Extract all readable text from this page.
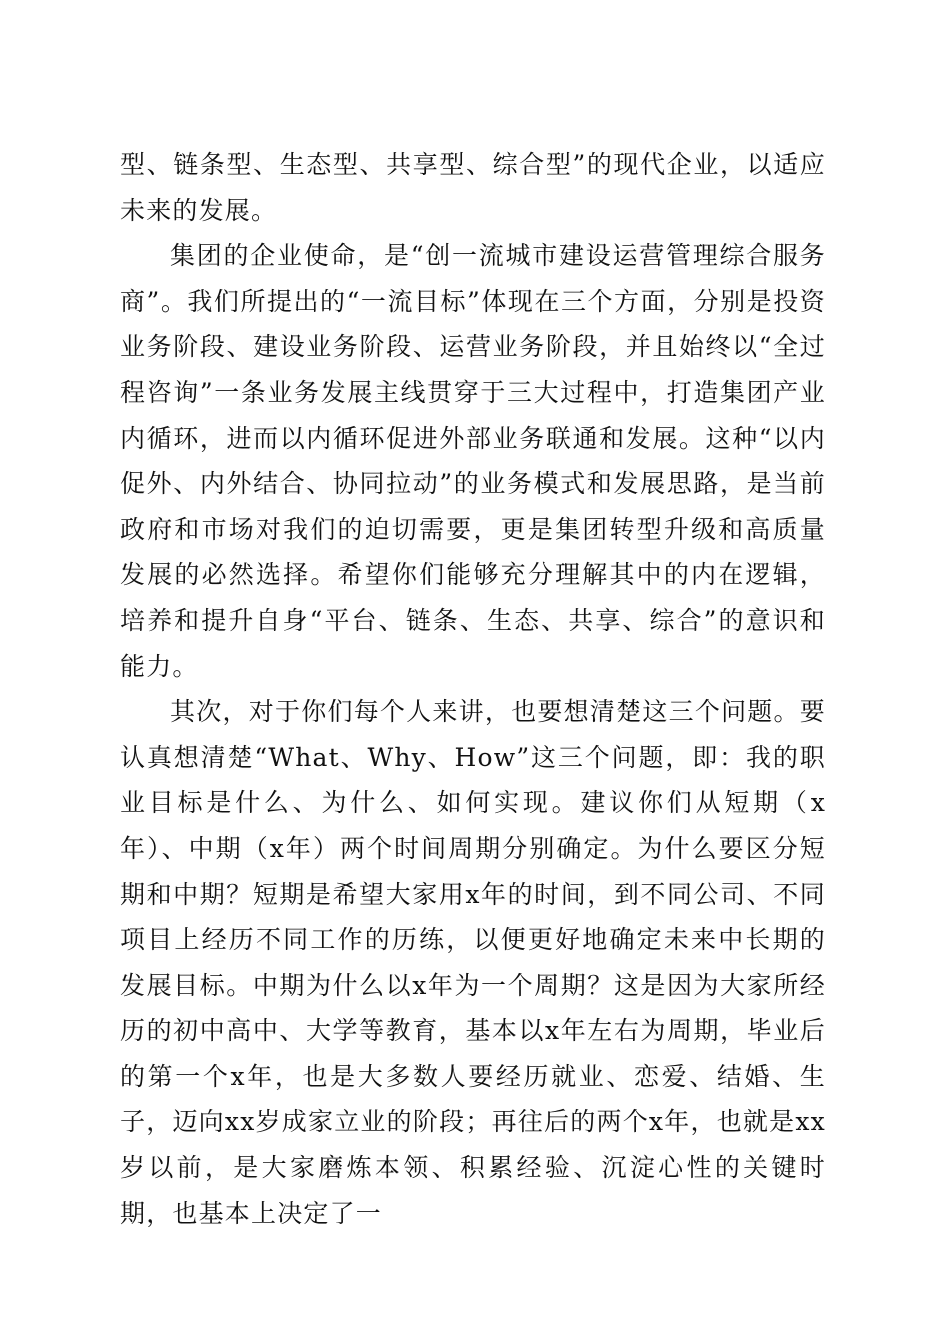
型、链条型、生态型、共享型、综合型”的现代企业，以适应未来的发展。

集团的企业使命，是“创一流城市建设运营管理综合服务商”。我们所提出的“一流目标”体现在三个方面，分别是投资业务阶段、建设业务阶段、运营业务阶段，并且始终以“全过程咨询”一条业务发展主线贯穿于三大过程中，打造集团产业内循环，进而以内循环促进外部业务联通和发展。这种“以内促外、内外结合、协同拉动”的业务模式和发展思路，是当前政府和市场对我们的迫切需要，更是集团转型升级和高质量发展的必然选择。希望你们能够充分理解其中的内在逻辑，培养和提升自身“平台、链条、生态、共享、综合”的意识和能力。

其次，对于你们每个人来讲，也要想清楚这三个问题。要认真想清楚“What、Why、How”这三个问题，即：我的职业目标是什么、为什么、如何实现。建议你们从短期（x年）、中期（x年）两个时间周期分别确定。为什么要区分短期和中期？短期是希望大家用x年的时间，到不同公司、不同项目上经历不同工作的历练，以便更好地确定未来中长期的发展目标。中期为什么以x年为一个周期？这是因为大家所经历的初中高中、大学等教育，基本以x年左右为周期，毕业后的第一个x年，也是大多数人要经历就业、恋爱、结婚、生子，迈向xx岁成家立业的阶段；再往后的两个x年，也就是xx岁以前，是大家磨炼本领、积累经验、沉淀心性的关键时期，也基本上决定了一
